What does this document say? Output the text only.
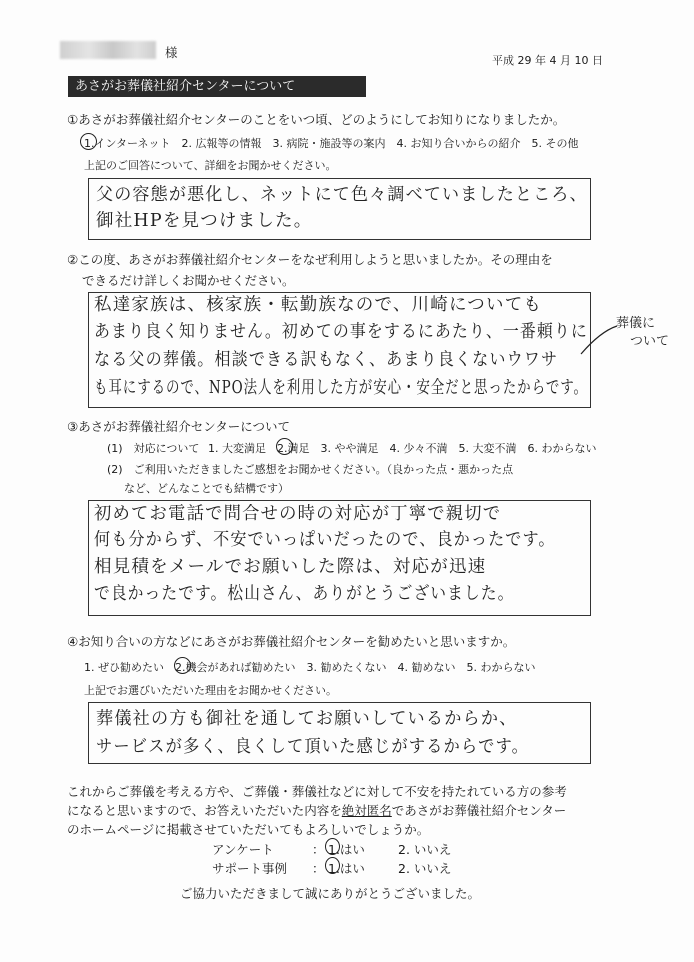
様
平成 29 年 4 月 10 日
あさがお葬儀社紹介センターについて
①あさがお葬儀社紹介センターのことをいつ頃、どのようにしてお知りになりましたか。
1.インターネット　2. 広報等の情報　3. 病院・施設等の案内　4. お知り合いからの紹介　5. その他
上記のご回答について、詳細をお聞かせください。
父の容態が悪化し、ネットにて色々調べていましたところ、
御社HPを見つけました。
②この度、あさがお葬儀社紹介センターをなぜ利用しようと思いましたか。その理由を
できるだけ詳しくお聞かせください。
私達家族は、核家族・転勤族なので、川崎についても
あまり良く知りません。初めての事をするにあたり、一番頼りに
なる父の葬儀。相談できる訳もなく、あまり良くないウワサ
も耳にするので、NPO法人を利用した方が安心・安全だと思ったからです。
葬儀に
ついて
③あさがお葬儀社紹介センターについて
(1)　対応について 1. 大変満足　2.満足　3. やや満足　4. 少々不満　5. 大変不満　6. わからない
(2)　ご利用いただきましたご感想をお聞かせください。（良かった点・悪かった点
など、どんなことでも結構です）
初めてお電話で問合せの時の対応が丁寧で親切で
何も分からず、不安でいっぱいだったので、良かったです。
相見積をメールでお願いした際は、対応が迅速
で良かったです。松山さん、ありがとうございました。
④お知り合いの方などにあさがお葬儀社紹介センターを勧めたいと思いますか。
1. ぜひ勧めたい　2.機会があれば勧めたい　3. 勧めたくない　4. 勧めない　5. わからない
上記でお選びいただいた理由をお聞かせください。
葬儀社の方も御社を通してお願いしているからか、
サービスが多く、良くして頂いた感じがするからです。
これからご葬儀を考える方や、ご葬儀・葬儀社などに対して不安を持たれている方の参考
になると思いますので、お答えいただいた内容を絶対匿名であさがお葬儀社紹介センター
のホームページに掲載させていただいてもよろしいでしょうか。
アンケート	： 1.はい	2. いいえ
サポート事例 ： 1.はい	2. いいえ
ご協力いただきまして誠にありがとうございました。
